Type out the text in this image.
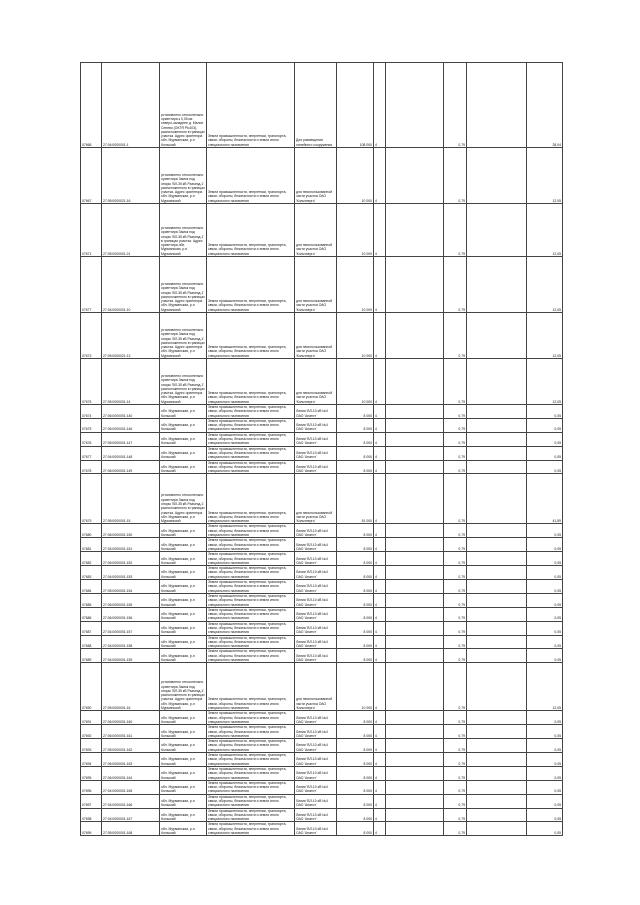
07668	27:04:0000001:1	установлено относительно ориентира к 0,05 км северо-западнее д. Малое Сенево (ОКТЯ РЬ403), расположенного в границах участка. Адрес ориентира обл. Мурманская, р-н Кольский	Земли промышленности, энергетики, транспорта, связи, обороны, безопасности и земли иного специального назначения	Для размещения линейного сооружения	108 000	4		0,79		28,04
07667	27:05:0000021:16	установлено относительно ориентира Замок под опоры 'ВЛ-35 кВ Разъезд-1' расположенного в границах участка. Адрес ориентира обл. Мурманская, р-н Мурманский	Земли промышленности, энергетики, транспорта, связи, обороны, безопасности и земли иного специального назначения	для неиспользованной части участка ОАО 'Кольэнерго'	10 000	4		0,79		12,05
07671	27:05:0000001:21	установлено относительно ориентира Замок под опоры 'ВЛ-35 кВ Разъезд-1' в границах участка. Адрес ориентира обл. Мурманская, р-н Мурманский	Земли промышленности, энергетики, транспорта, связи, обороны, безопасности и земли иного специального назначения	для неиспользованной части участка ОАО 'Кольэнерго'	10 000	4		0,79		12,05
07677	27:04:0000001:10	установлено относительно ориентира Замок под опоры 'ВЛ-35 кВ Разъезд-1' расположенного в границах участка. Адрес ориентира обл. Мурманская, р-н Мурманский	Земли промышленности, энергетики, транспорта, связи, обороны, безопасности и земли иного специального назначения	для неиспользованной части участка ОАО 'Кольэнерго'	10 000	4		0,79		12,05
07673	27:05:0000021:13	установлено относительно ориентира Замок под опоры 'ВЛ-35 кВ Разъезд-1' расположенного в границах участка. Адрес ориентира обл. Мурманская, р-н Мурманский	Земли промышленности, энергетики, транспорта, связи, обороны, безопасности и земли иного специального назначения	для неиспользованной части участка ОАО 'Кольэнерго'	10 000	4		0,79		12,05
07675	27:05:0000001:14	установлено относительно ориентира Замок под опоры 'ВЛ-35 кВ Разъезд-1' расположенного в границах участка. Адрес ориентира обл. Мурманская, р-н Мурманский	Земли промышленности, энергетики, транспорта, связи, обороны, безопасности и земли иного специального назначения	для неиспользованной части участка ОАО 'Кольэнерго'	10 000	4		0,79		12,05
07674	27:06:0000001:140	обл. Мурманская, р-н Кольский	Земли промышленности, энергетики, транспорта, связи, обороны, безопасности и земли иного специального назначения	Линия 'ВЛ-10 кВ №4 ОАО 'Апатит'	8 000	4		0,79		0,05
07675	27:06:0000001:146	обл. Мурманская, р-н Кольский	Земли промышленности, энергетики, транспорта, связи, обороны, безопасности и земли иного специального назначения	Линия 'ВЛ-10 кВ №4 ОАО 'Апатит'	8 000	4		0,79		0,05
07676	27:05:0000001:147	обл. Мурманская, р-н Кольский	Земли промышленности, энергетики, транспорта, связи, обороны, безопасности и земли иного специального назначения	Линия 'ВЛ-10 кВ №4 ОАО 'Апатит'	8 000	4		0,79		0,05
07677	27:04:0000001:148	обл. Мурманская, р-н Кольский	Земли промышленности, энергетики, транспорта, связи, обороны, безопасности и земли иного специального назначения	Линия 'ВЛ-10 кВ №4 ОАО 'Апатит'	8 000	4		0,79		0,05
07678	27:06:0000001:149	обл. Мурманская, р-н Кольский	Земли промышленности, энергетики, транспорта, связи, обороны, безопасности и земли иного специального назначения	Линия 'ВЛ-10 кВ №4 ОАО 'Апатит'	8 000	4		0,79		0,05
07679	27:05:0000001:15	установлено относительно ориентира Замок под опоры 'ВЛ-35 кВ Разъезд-1' расположенного в границах участка. Адрес ориентира обл. Мурманская, р-н Мурманский	Земли промышленности, энергетики, транспорта, связи, обороны, безопасности и земли иного специального назначения	для неиспользованной части участка ОАО 'Кольэнерго'	51 000	4		0,79		41,89
07680	27:06:0000001:150	обл. Мурманская, р-н Кольский	Земли промышленности, энергетики, транспорта, связи, обороны, безопасности и земли иного специального назначения	Линия 'ВЛ-10 кВ №4 ОАО 'Апатит'	8 000	4		0,79		0,05
07681	27:04:0000001:151	обл. Мурманская, р-н Кольский	Земли промышленности, энергетики, транспорта, связи, обороны, безопасности и земли иного специального назначения	Линия 'ВЛ-10 кВ №4 ОАО 'Апатит'	8 000	4		0,79		0,05
07682	27:06:0000001:152	обл. Мурманская, р-н Кольский	Земли промышленности, энергетики, транспорта, связи, обороны, безопасности и земли иного специального назначения	Линия 'ВЛ-10 кВ №4 ОАО 'Апатит'	8 000	4		0,79		0,05
07683	27:04:0000001:153	обл. Мурманская, р-н Кольский	Земли промышленности, энергетики, транспорта, связи, обороны, безопасности и земли иного специального назначения	Линия 'ВЛ-10 кВ №4 ОАО 'Апатит'	8 000	4		0,79		0,05
07684	27:05:0000001:154	обл. Мурманская, р-н Кольский	Земли промышленности, энергетики, транспорта, связи, обороны, безопасности и земли иного специального назначения	Линия 'ВЛ-10 кВ №4 ОАО 'Апатит'	8 000	4		0,79		0,05
07685	27:06:0000001:155	обл. Мурманская, р-н Кольский	Земли промышленности, энергетики, транспорта, связи, обороны, безопасности и земли иного специального назначения	Линия 'ВЛ-10 кВ №4 ОАО 'Апатит'	8 000	4		0,79		0,05
07686	27:06:0000001:156	обл. Мурманская, р-н Кольский	Земли промышленности, энергетики, транспорта, связи, обороны, безопасности и земли иного специального назначения	Линия 'ВЛ-10 кВ №4 ОАО 'Апатит'	8 000	4		0,79		0,05
07687	27:04:0000001:157	обл. Мурманская, р-н Кольский	Земли промышленности, энергетики, транспорта, связи, обороны, безопасности и земли иного специального назначения	Линия 'ВЛ-10 кВ №4 ОАО 'Апатит'	8 000	4		0,79		0,05
07688	27:04:0000001:158	обл. Мурманская, р-н Кольский	Земли промышленности, энергетики, транспорта, связи, обороны, безопасности и земли иного специального назначения	Линия 'ВЛ-10 кВ №4 ОАО 'Апатит'	8 000	4		0,79		0,05
07689	27:04:0000001:159	обл. Мурманская, р-н Кольский	Земли промышленности, энергетики, транспорта, связи, обороны, безопасности и земли иного специального назначения	Линия 'ВЛ-10 кВ №4 ОАО 'Апатит'	8 000	4		0,79		0,05
07690	27:05:0000001:16	установлено относительно ориентира Замок под опоры 'ВЛ-35 кВ Разъезд-1' расположенного в границах участка. Адрес ориентира обл. Мурманская, р-н Мурманский	Земли промышленности, энергетики, транспорта, связи, обороны, безопасности и земли иного специального назначения	для неиспользованной части участка ОАО 'Кольэнерго'	10 000	4		0,79		12,05
07691	27:06:0000001:160	обл. Мурманская, р-н Кольский	Земли промышленности, энергетики, транспорта, связи, обороны, безопасности и земли иного специального назначения	Линия 'ВЛ-10 кВ №4 ОАО 'Апатит'	8 000	4		0,79		0,05
07692	27:06:0000001:161	обл. Мурманская, р-н Кольский	Земли промышленности, энергетики, транспорта, связи, обороны, безопасности и земли иного специального назначения	Линия 'ВЛ-10 кВ №4 ОАО 'Апатит'	8 000	4		0,79		0,05
07693	27:05:0000001:162	обл. Мурманская, р-н Кольский	Земли промышленности, энергетики, транспорта, связи, обороны, безопасности и земли иного специального назначения	Линия 'ВЛ-10 кВ №4 ОАО 'Апатит'	8 000	4		0,79		0,05
07694	27:06:0000001:163	обл. Мурманская, р-н Кольский	Земли промышленности, энергетики, транспорта, связи, обороны, безопасности и земли иного специального назначения	Линия 'ВЛ-10 кВ №4 ОАО 'Апатит'	8 000	4		0,79		0,05
07695	27:06:0000001:164	обл. Мурманская, р-н Кольский	Земли промышленности, энергетики, транспорта, связи, обороны, безопасности и земли иного специального назначения	Линия 'ВЛ-10 кВ №4 ОАО 'Апатит'	8 000	4		0,79		0,05
07696	27:04:0000001:165	обл. Мурманская, р-н Кольский	Земли промышленности, энергетики, транспорта, связи, обороны, безопасности и земли иного специального назначения	Линия 'ВЛ-10 кВ №4 ОАО 'Апатит'	8 000	4		0,79		0,05
07697	27:04:0000001:166	обл. Мурманская, р-н Кольский	Земли промышленности, энергетики, транспорта, связи, обороны, безопасности и земли иного специального назначения	Линия 'ВЛ-10 кВ №4 ОАО 'Апатит'	8 000	4		0,79		0,05
07698	27:04:0000001:167	обл. Мурманская, р-н Кольский	Земли промышленности, энергетики, транспорта, связи, обороны, безопасности и земли иного специального назначения	Линия 'ВЛ-10 кВ №4 ОАО 'Апатит'	8 000	4		0,79		0,05
07699	27:05:0000001:168	обл. Мурманская, р-н Кольский	Земли промышленности, энергетики, транспорта, связи, обороны, безопасности и земли иного специального назначения	Линия 'ВЛ-10 кВ №4 ОАО 'Апатит'	8 000	4		0,79		0,05
